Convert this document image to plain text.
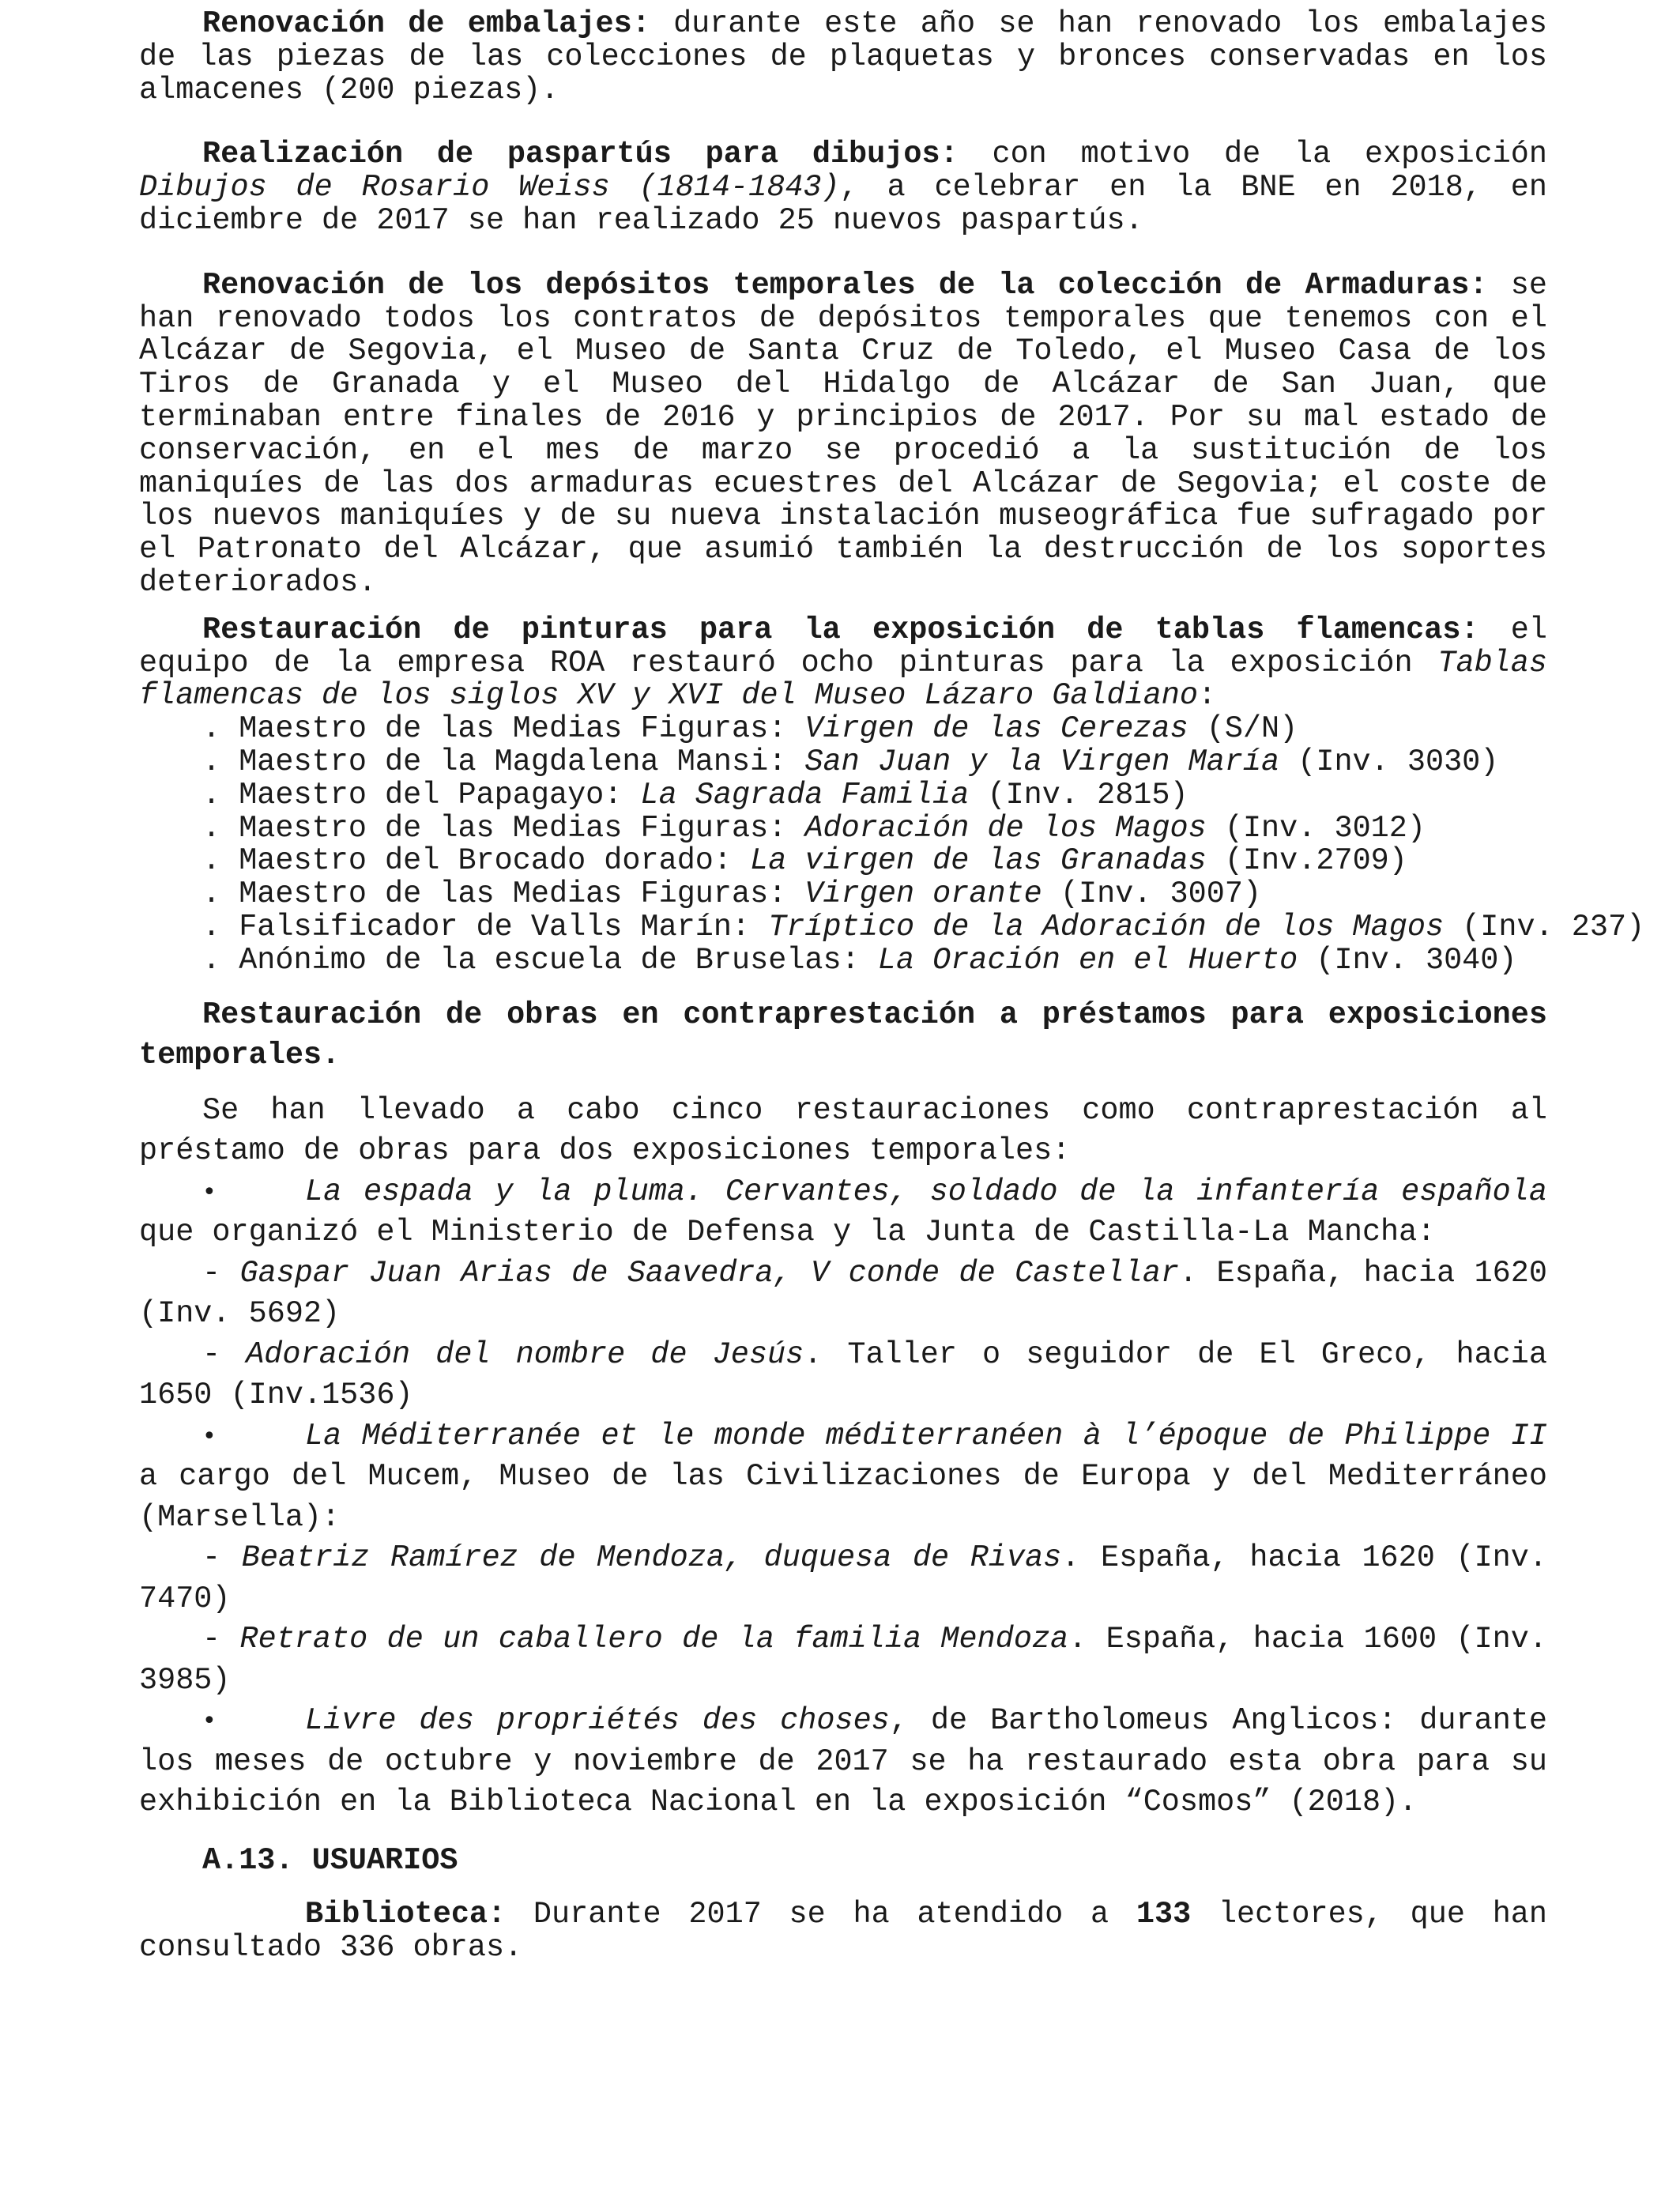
Renovación de embalajes: durante este año se han renovado los embalajes de las piezas de las colecciones de plaquetas y bronces conservadas en los almacenes (200 piezas).

Realización de paspartús para dibujos: con motivo de la exposición Dibujos de Rosario Weiss (1814-1843), a celebrar en la BNE en 2018, en diciembre de 2017 se han realizado 25 nuevos paspartús.

Renovación de los depósitos temporales de la colección de Armaduras: se han renovado todos los contratos de depósitos temporales que tenemos con el Alcázar de Segovia, el Museo de Santa Cruz de Toledo, el Museo Casa de los Tiros de Granada y el Museo del Hidalgo de Alcázar de San Juan, que terminaban entre finales de 2016 y principios de 2017. Por su mal estado de conservación, en el mes de marzo se procedió a la sustitución de los maniquíes de las dos armaduras ecuestres del Alcázar de Segovia; el coste de los nuevos maniquíes y de su nueva instalación museográfica fue sufragado por el Patronato del Alcázar, que asumió también la destrucción de los soportes deteriorados.

Restauración de pinturas para la exposición de tablas flamencas: el equipo de la empresa ROA restauró ocho pinturas para la exposición Tablas flamencas de los siglos XV y XVI del Museo Lázaro Galdiano:

. Maestro de las Medias Figuras: Virgen de las Cerezas (S/N)
. Maestro de la Magdalena Mansi: San Juan y la Virgen María (Inv. 3030)
. Maestro del Papagayo: La Sagrada Familia (Inv. 2815)
. Maestro de las Medias Figuras: Adoración de los Magos (Inv. 3012)
. Maestro del Brocado dorado: La virgen de las Granadas (Inv.2709)
. Maestro de las Medias Figuras: Virgen orante (Inv. 3007)
. Falsificador de Valls Marín: Tríptico de la Adoración de los Magos (Inv. 237)
. Anónimo de la escuela de Bruselas: La Oración en el Huerto (Inv. 3040)

Restauración de obras en contraprestación a préstamos para exposiciones temporales.

Se han llevado a cabo cinco restauraciones como contraprestación al préstamo de obras para dos exposiciones temporales:

•	La espada y la pluma. Cervantes, soldado de la infantería española que organizó el Ministerio de Defensa y la Junta de Castilla-La Mancha:

- Gaspar Juan Arias de Saavedra, V conde de Castellar. España, hacia 1620 (Inv. 5692)

- Adoración del nombre de Jesús. Taller o seguidor de El Greco, hacia 1650 (Inv.1536)

•	La Méditerranée et le monde méditerranéen à l’époque de Philippe II a cargo del Mucem, Museo de las Civilizaciones de Europa y del Mediterráneo (Marsella):

- Beatriz Ramírez de Mendoza, duquesa de Rivas. España, hacia 1620 (Inv. 7470)

- Retrato de un caballero de la familia Mendoza. España, hacia 1600 (Inv. 3985)

•	Livre des propriétés des choses, de Bartholomeus Anglicos: durante los meses de octubre y noviembre de 2017 se ha restaurado esta obra para su exhibición en la Biblioteca Nacional en la exposición “Cosmos” (2018).

A.13. USUARIOS

Biblioteca: Durante 2017 se ha atendido a 133 lectores, que han consultado 336 obras.
